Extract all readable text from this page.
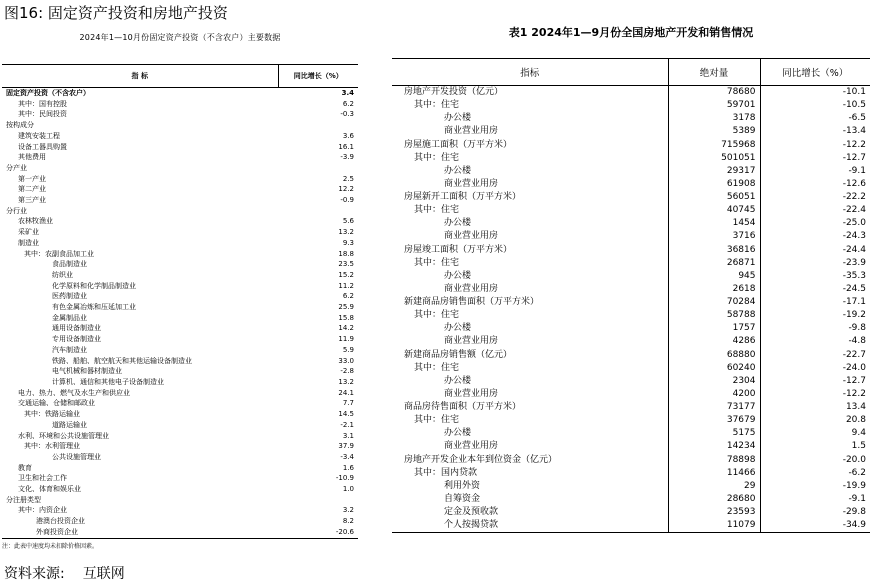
图16: 固定资产投资和房地产投资
2024年1—10月份固定资产投资（不含农户）主要数据
指 标	同比增长（%）
固定资产投资（不含农户）	3.4
其中：国有控股	6.2
其中：民间投资	-0.3
按构成分	
建筑安装工程	3.6
设备工器具购置	16.1
其他费用	-3.9
分产业	
第一产业	2.5
第二产业	12.2
第三产业	-0.9
分行业	
农林牧渔业	5.6
采矿业	13.2
制造业	9.3
其中：农副食品加工业	18.8
食品制造业	23.5
纺织业	15.2
化学原料和化学制品制造业	11.2
医药制造业	6.2
有色金属冶炼和压延加工业	25.9
金属制品业	15.8
通用设备制造业	14.2
专用设备制造业	11.9
汽车制造业	5.9
铁路、船舶、航空航天和其他运输设备制造业	33.0
电气机械和器材制造业	-2.8
计算机、通信和其他电子设备制造业	13.2
电力、热力、燃气及水生产和供应业	24.1
交通运输、仓储和邮政业	7.7
其中：铁路运输业	14.5
道路运输业	-2.1
水利、环境和公共设施管理业	3.1
其中：水利管理业	37.9
公共设施管理业	-3.4
教育	1.6
卫生和社会工作	-10.9
文化、体育和娱乐业	1.0
分注册类型	
其中：内资企业	3.2
港澳台投资企业	8.2
外商投资企业	-20.6
注：此表中速度均未扣除价格因素。
表1 2024年1—9月份全国房地产开发和销售情况
指标	绝对量	同比增长（%）
房地产开发投资（亿元）	78680	-10.1
其中：住宅	59701	-10.5
办公楼	3178	-6.5
商业营业用房	5389	-13.4
房屋施工面积（万平方米）	715968	-12.2
其中：住宅	501051	-12.7
办公楼	29317	-9.1
商业营业用房	61908	-12.6
房屋新开工面积（万平方米）	56051	-22.2
其中：住宅	40745	-22.4
办公楼	1454	-25.0
商业营业用房	3716	-24.3
房屋竣工面积（万平方米）	36816	-24.4
其中：住宅	26871	-23.9
办公楼	945	-35.3
商业营业用房	2618	-24.5
新建商品房销售面积（万平方米）	70284	-17.1
其中：住宅	58788	-19.2
办公楼	1757	-9.8
商业营业用房	4286	-4.8
新建商品房销售额（亿元）	68880	-22.7
其中：住宅	60240	-24.0
办公楼	2304	-12.7
商业营业用房	4200	-12.2
商品房待售面积（万平方米）	73177	13.4
其中：住宅	37679	20.8
办公楼	5175	9.4
商业营业用房	14234	1.5
房地产开发企业本年到位资金（亿元）	78898	-20.0
其中：国内贷款	11466	-6.2
利用外资	29	-19.9
自筹资金	28680	-9.1
定金及预收款	23593	-29.8
个人按揭贷款	11079	-34.9
资料来源: 互联网
